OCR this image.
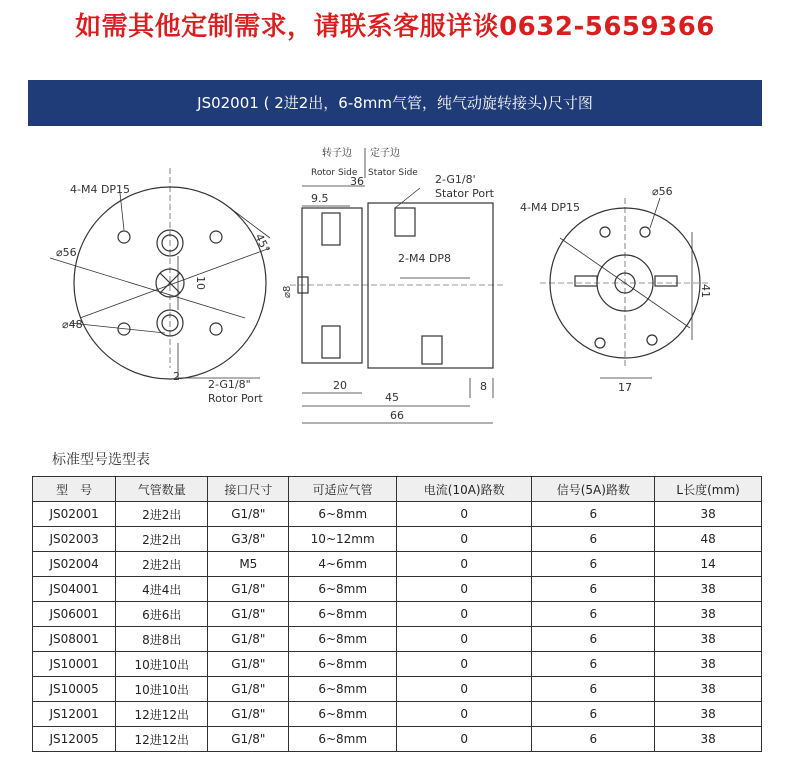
如需其他定制需求，请联系客服详谈0632-5659366
JS02001 ( 2进2出，6-8mm气管，纯气动旋转接头)尺寸图
4-M4 DP15
⌀56
⌀48
10
45°
2
2-G1/8"
Rotor Port
转子边 定子边
Rotor Side Stator Side
36
9.5
2-G1/8'
Stator Port
2-M4 DP8
⌀8
20
45
66
8
4-M4 DP15
⌀56
41
17
标准型号选型表
型　号	气管数量	接口尺寸	可适应气管	电流(10A)路数	信号(5A)路数	L长度(mm)
JS02001	2进2出	G1/8"	6~8mm	0	6	38
JS02003	2进2出	G3/8"	10~12mm	0	6	48
JS02004	2进2出	M5	4~6mm	0	6	14
JS04001	4进4出	G1/8"	6~8mm	0	6	38
JS06001	6进6出	G1/8"	6~8mm	0	6	38
JS08001	8进8出	G1/8"	6~8mm	0	6	38
JS10001	10进10出	G1/8"	6~8mm	0	6	38
JS10005	10进10出	G1/8"	6~8mm	0	6	38
JS12001	12进12出	G1/8"	6~8mm	0	6	38
JS12005	12进12出	G1/8"	6~8mm	0	6	38
